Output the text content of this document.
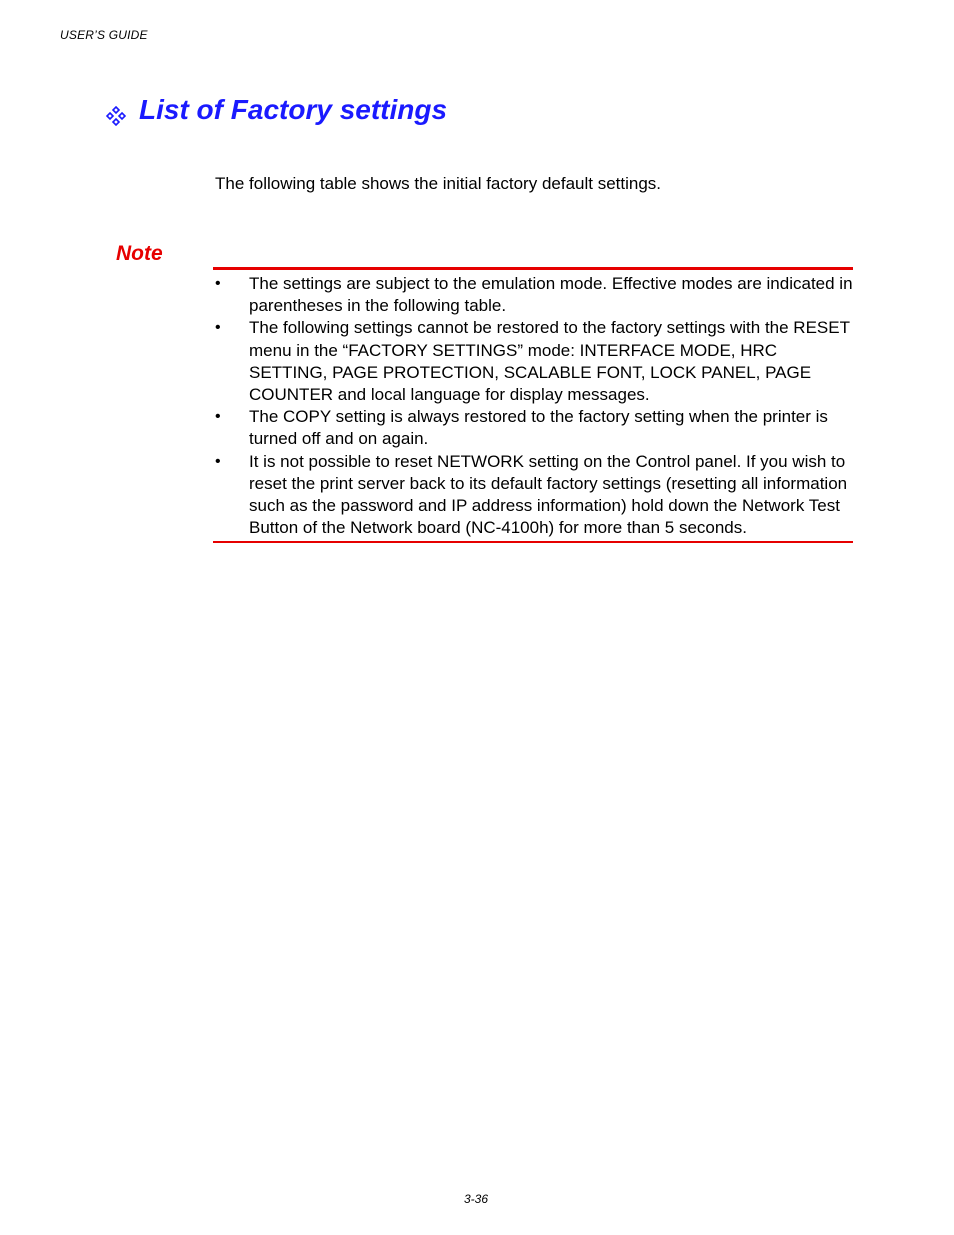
USER’S GUIDE
List of Factory settings
The following table shows the initial factory default settings.
Note
• The settings are subject to the emulation mode. Effective modes are indicated in parentheses in the following table.
• The following settings cannot be restored to the factory settings with the RESET menu in the “FACTORY SETTINGS” mode: INTERFACE MODE, HRC SETTING, PAGE PROTECTION, SCALABLE FONT, LOCK PANEL, PAGE COUNTER and local language for display messages.
• The COPY setting is always restored to the factory setting when the printer is turned off and on again.
• It is not possible to reset NETWORK setting on the Control panel. If you wish to reset the print server back to its default factory settings (resetting all information such as the password and IP address information) hold down the Network Test Button of the Network board (NC-4100h) for more than 5 seconds.
3-36
